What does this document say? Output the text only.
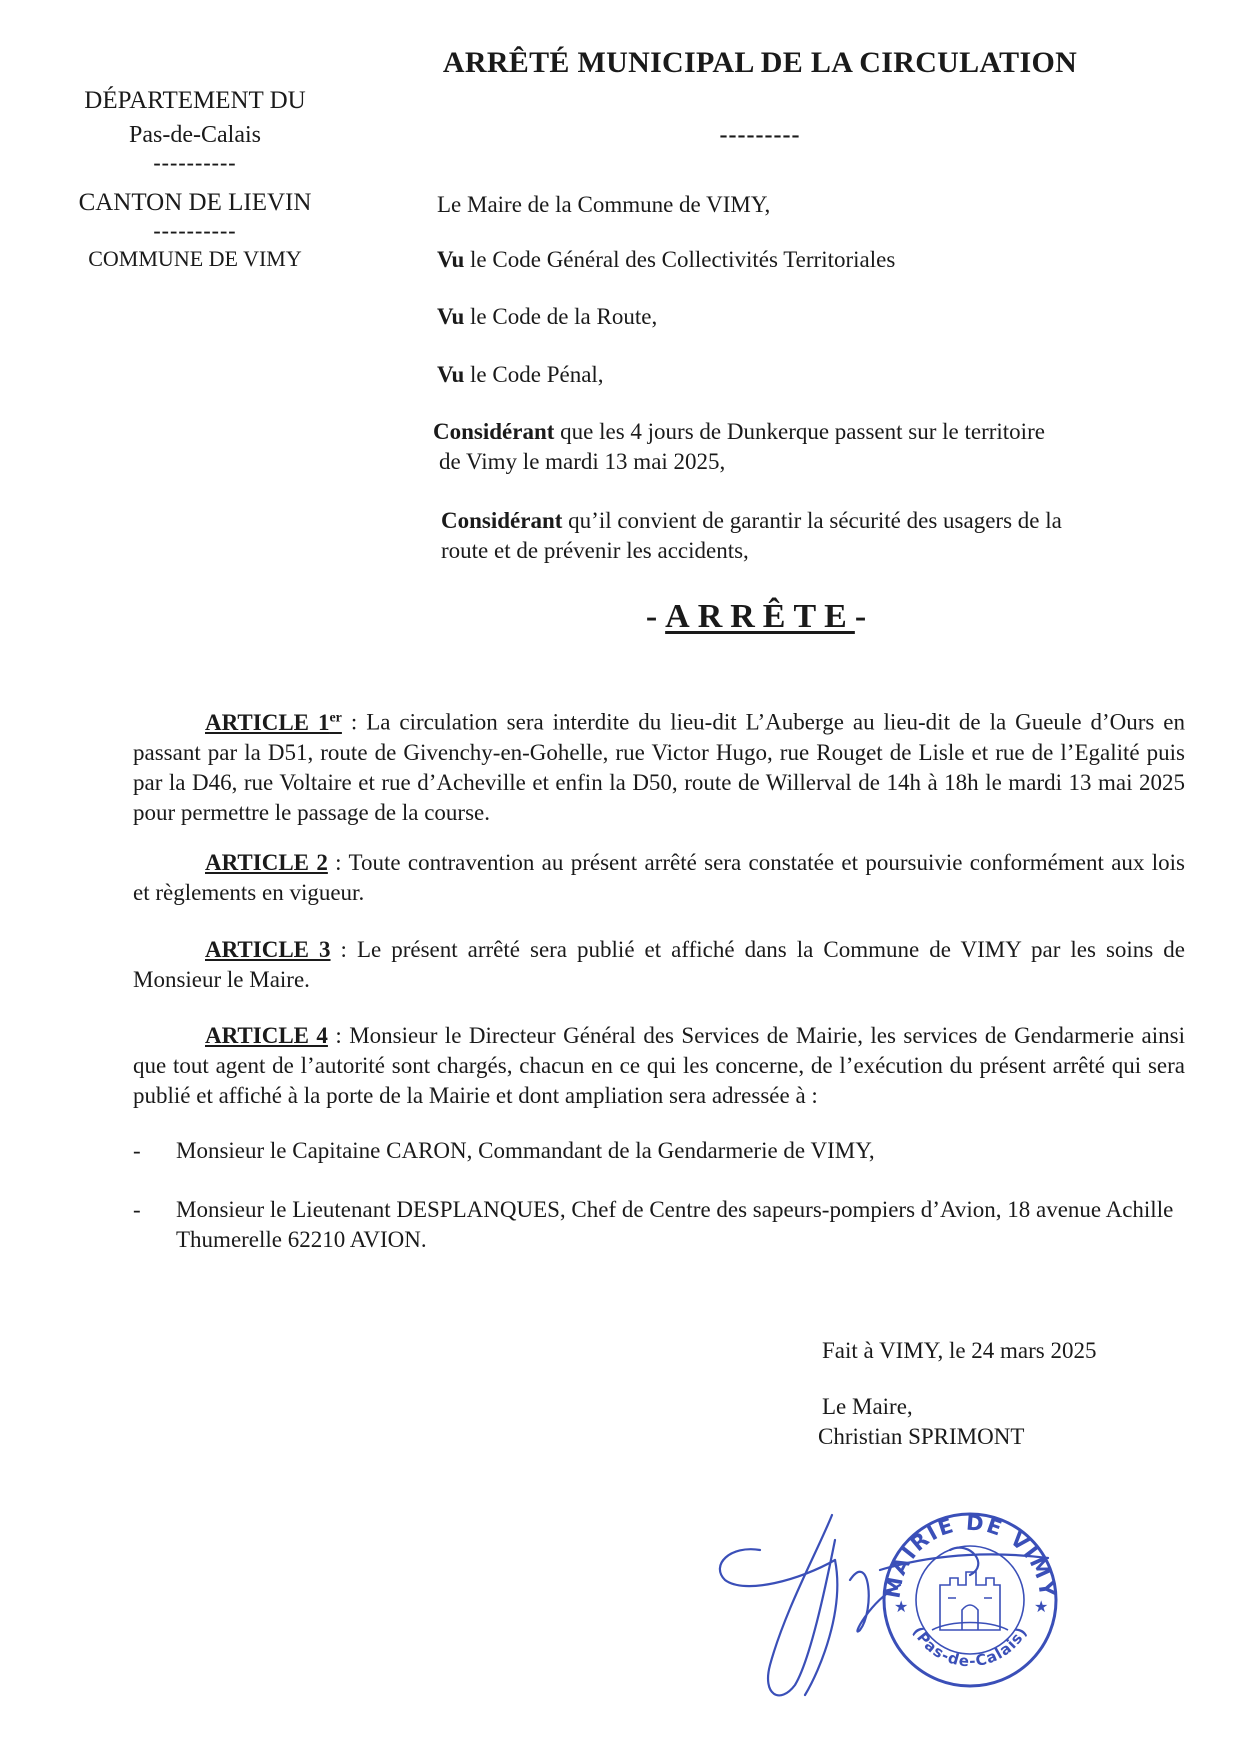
DÉPARTEMENT DU

Pas-de-Calais

----------

CANTON DE LIEVIN

----------

COMMUNE DE VIMY

ARRÊTÉ MUNICIPAL DE LA CIRCULATION
---------
Le Maire de la Commune de VIMY,
Vu le Code Général des Collectivités Territoriales
Vu le Code de la Route,
Vu le Code Pénal,
Considérant que les 4 jours de Dunkerque passent sur le territoire
de Vimy le mardi 13 mai 2025,
Considérant qu’il convient de garantir la sécurité des usagers de la
route et de prévenir les accidents,
-ARRÊTE-
ARTICLE 1er : La circulation sera interdite du lieu-dit L’Auberge au lieu-dit de la Gueule d’Ours en passant par la D51, route de Givenchy-en-Gohelle, rue Victor Hugo, rue Rouget de Lisle et rue de l’Egalité puis par la D46, rue Voltaire et rue d’Acheville et enfin la D50, route de Willerval de 14h à 18h le mardi 13 mai 2025 pour permettre le passage de la course.
ARTICLE 2 : Toute contravention au présent arrêté sera constatée et poursuivie conformément aux lois et règlements en vigueur.
ARTICLE 3 : Le présent arrêté sera publié et affiché dans la Commune de VIMY par les soins de Monsieur le Maire.
ARTICLE 4 : Monsieur le Directeur Général des Services de Mairie, les services de Gendarmerie ainsi que tout agent de l’autorité sont chargés, chacun en ce qui les concerne, de l’exécution du présent arrêté qui sera publié et affiché à la porte de la Mairie et dont ampliation sera adressée à :
- Monsieur le Capitaine CARON, Commandant de la Gendarmerie de VIMY,
- Monsieur le Lieutenant DESPLANQUES, Chef de Centre des sapeurs-pompiers d’Avion, 18 avenue Achille Thumerelle 62210 AVION.
Fait à VIMY, le 24 mars 2025
Le Maire,
Christian SPRIMONT
MAIRIE DE VIMY
(Pas-de-Calais)
★	★
